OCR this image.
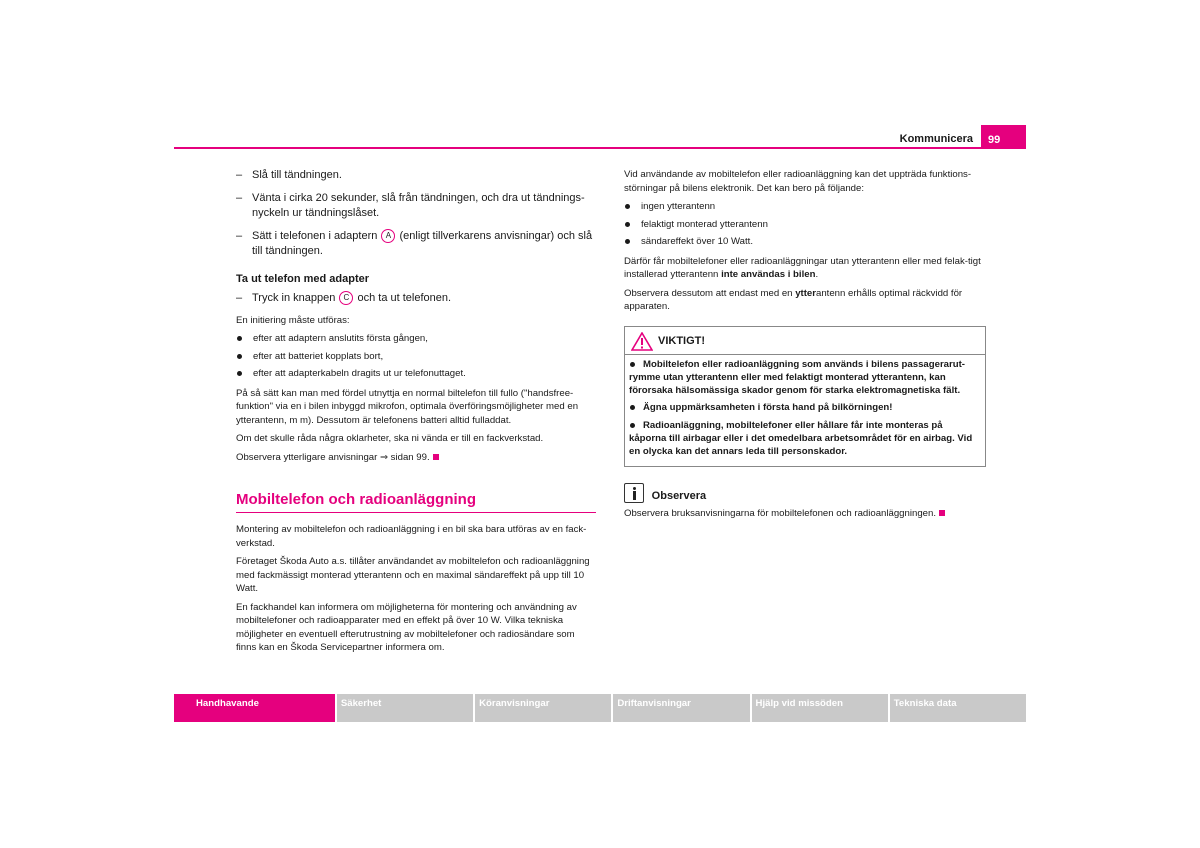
Kommunicera	99
– Slå till tändningen.
– Vänta i cirka 20 sekunder, slå från tändningen, och dra ut tändnings-nyckeln ur tändningslåset.
– Sätt i telefonen i adaptern A (enligt tillverkarens anvisningar) och slå till tändningen.
Ta ut telefon med adapter
– Tryck in knappen C och ta ut telefonen.

En initiering måste utföras:

efter att adaptern anslutits första gången,
efter att batteriet kopplats bort,
efter att adapterkabeln dragits ut ur telefonuttaget.

På så sätt kan man med fördel utnyttja en normal biltelefon till fullo ("handsfree-funktion" via en i bilen inbyggd mikrofon, optimala överföringsmöjligheter med en ytterantenn, m m). Dessutom är telefonens batteri alltid fulladdat.

Om det skulle råda några oklarheter, ska ni vända er till en fackverkstad.

Observera ytterligare anvisningar ⇒ sidan 99.

Mobiltelefon och radioanläggning

Montering av mobiltelefon och radioanläggning i en bil ska bara utföras av en fack-verkstad.

Företaget Škoda Auto a.s. tillåter användandet av mobiltelefon och radioanläggning med fackmässigt monterad ytterantenn och en maximal sändareffekt på upp till 10 Watt.

En fackhandel kan informera om möjligheterna för montering och användning av mobiltelefoner och radioapparater med en effekt på över 10 W. Vilka tekniska möjligheter en eventuell efterutrustning av mobiltelefoner och radiosändare som finns kan en Škoda Servicepartner informera om.

Vid användande av mobiltelefon eller radioanläggning kan det uppträda funktions-störningar på bilens elektronik. Det kan bero på följande:

ingen ytterantenn
felaktigt monterad ytterantenn
sändareffekt över 10 Watt.

Därför får mobiltelefoner eller radioanläggningar utan ytterantenn eller med felak-tigt installerad ytterantenn inte användas i bilen.

Observera dessutom att endast med en ytterantenn erhålls optimal räckvidd för apparaten.

VIKTIGT!
Mobiltelefon eller radioanläggning som används i bilens passagerarut-rymme utan ytterantenn eller med felaktigt monterad ytterantenn, kan förorsaka hälsomässiga skador genom för starka elektromagnetiska fält.
Ägna uppmärksamheten i första hand på bilkörningen!
Radioanläggning, mobiltelefoner eller hållare får inte monteras på kåporna till airbagar eller i det omedelbara arbetsområdet för en airbag. Vid en olycka kan det annars leda till personskador.
Observera
Observera bruksanvisningarna för mobiltelefonen och radioanläggningen.
Handhavande	Säkerhet	Köranvisningar	Driftanvisningar	Hjälp vid missöden	Tekniska data
